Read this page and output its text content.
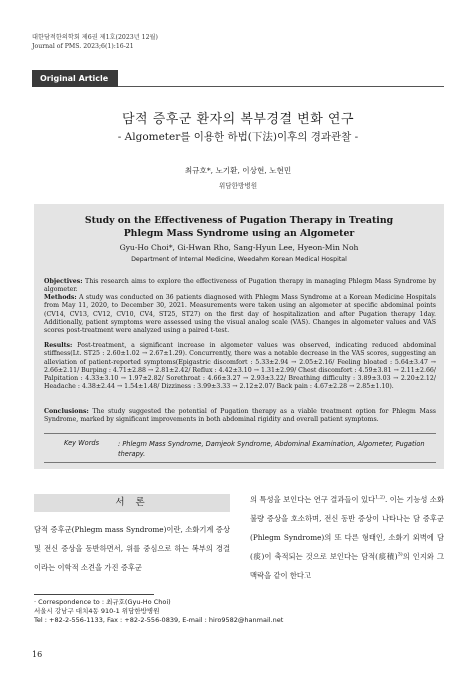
대한담적한의학회 제6권 제1호(2023년 12월)
Journal of PMS. 2023;6(1):16-21
Original Article
담적 증후군 환자의 복부경결 변화 연구
- Algometer를 이용한 하법(下法)이후의 경과관찰 -
최규호*, 노기환, 이상현, 노현민
위담한방병원
Study on the Effectiveness of Pugation Therapy in Treating Phlegm Mass Syndrome using an Algometer
Gyu-Ho Choi*, Gi-Hwan Rho, Sang-Hyun Lee, Hyeon-Min Noh
Department of Internal Medicine, Weedahm Korean Medical Hospital

Objectives: This research aims to explore the effectiveness of Pugation therapy in managing Phlegm Mass Syndrome by algometer.

Methods: A study was conducted on 36 patients diagnosed with Phlegm Mass Syndrome at a Korean Medicine Hospitals from May 11, 2020, to December 30, 2021. Measurements were taken using an algometer at specific abdominal points (CV14, CV13, CV12, CV10, CV4, ST25, ST27) on the first day of hospitalization and after Pugation therapy 1day. Additionally, patient symptoms were assessed using the visual analog scale (VAS). Changes in algometer values and VAS scores post-treatment were analyzed using a paired t-test.

Results: Post-treatment, a significant increase in algometer values was observed, indicating reduced abdominal stiffness(Lt. ST25 : 2.60±1.02 → 2.67±1.29). Concurrently, there was a notable decrease in the VAS scores, suggesting an alleviation of patient-reported symptoms(Epigastric discomfort : 5.33±2.94 → 2.05±2.16/ Feeling bloated : 5.64±3.47 → 2.66±2.11/ Burping : 4.71±2.88 → 2.81±2.42/ Reflux : 4.42±3.10 → 1.31±2.99/ Chest discomfort : 4.59±3.81 → 2.11±2.66/ Palpitation : 4.33±3.10 → 1.97±2.82/ Sorethroat : 4.66±3.27 → 2.93±3.22/ Breathing difficulty : 3.89±3.03 → 2.20±2.12/ Headache : 4.38±2.44 → 1.54±1.48/ Dizziness : 3.99±3.33 → 2.12±2.07/ Back pain : 4.67±2.28 → 2.85±1.10).

Conclusions: The study suggested the potential of Pugation therapy as a viable treatment option for Phlegm Mass Syndrome, marked by significant improvements in both abdominal rigidity and overall patient symptoms.

Key Words	: Phlegm Mass Syndrome, Damjeok Syndrome, Abdominal Examination, Algometer, Pugation therapy.
서 론

담적 증후군(Phlegm mass Syndrome)이란, 소화기계 증상 및 전신 증상을 동반하면서, 위를 중심으로 하는 복부의 경결이라는 이학적 소견을 가진 증후군

의 특성을 보인다는 연구 결과들이 있다$^{1,2)}$. 이는 기능성 소화불량 증상을 호소하며, 전신 동반 증상이 나타나는 담 증후군(Phlegm Syndrome)의 또 다른 형태인, 소화기 외벽에 담(痰)이 축적되는 것으로 보인다는 담적(痰積)$^{3)}$의 인지와 그 맥락을 같이 한다고

· Correspondence to : 최규호(Gyu-Ho Choi)
서울시 강남구 대치4동 910-1 위담한방병원
Tel : +82-2-556-1133, Fax : +82-2-556-0839, E-mail : hiro9582@hanmail.net
16
